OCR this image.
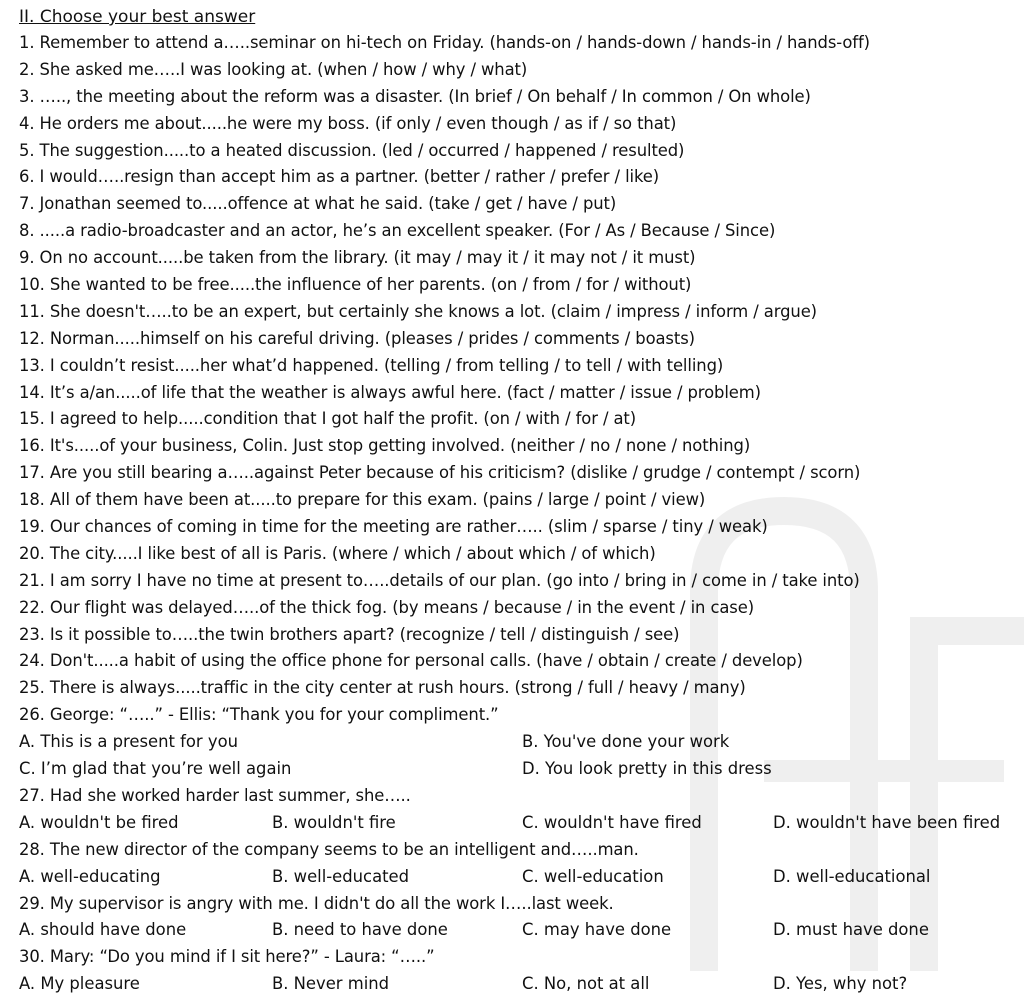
II. Choose your best answer
1. Remember to attend a…..seminar on hi-tech on Friday. (hands-on / hands-down / hands-in / hands-off)
2. She asked me…..I was looking at. (when / how / why / what)
3. ….., the meeting about the reform was a disaster. (In brief / On behalf / In common / On whole)
4. He orders me about.....he were my boss. (if only / even though / as if / so that)
5. The suggestion.....to a heated discussion. (led / occurred / happened / resulted)
6. I would…..resign than accept him as a partner. (better / rather / prefer / like)
7. Jonathan seemed to.....offence at what he said. (take / get / have / put)
8. .....a radio-broadcaster and an actor, he’s an excellent speaker. (For / As / Because / Since)
9. On no account.....be taken from the library. (it may / may it / it may not / it must)
10. She wanted to be free.....the influence of her parents. (on / from / for / without)
11. She doesn't…..to be an expert, but certainly she knows a lot. (claim / impress / inform / argue)
12. Norman.....himself on his careful driving. (pleases / prides / comments / boasts)
13. I couldn’t resist.....her what’d happened. (telling / from telling / to tell / with telling)
14. It’s a/an.....of life that the weather is always awful here. (fact / matter / issue / problem)
15. I agreed to help.....condition that I got half the profit. (on / with / for / at)
16. It's.....of your business, Colin. Just stop getting involved. (neither / no / none / nothing)
17. Are you still bearing a…..against Peter because of his criticism? (dislike / grudge / contempt / scorn)
18. All of them have been at.....to prepare for this exam. (pains / large / point / view)
19. Our chances of coming in time for the meeting are rather….. (slim / sparse / tiny / weak)
20. The city.....I like best of all is Paris. (where / which / about which / of which)
21. I am sorry I have no time at present to…..details of our plan. (go into / bring in / come in / take into)
22. Our flight was delayed…..of the thick fog. (by means / because / in the event / in case)
23. Is it possible to…..the twin brothers apart? (recognize / tell / distinguish / see)
24. Don't.....a habit of using the office phone for personal calls. (have / obtain / create / develop)
25. There is always.....traffic in the city center at rush hours. (strong / full / heavy / many)
26. George: “…..” - Ellis: “Thank you for your compliment.”
A. This is a present for you	B. You've done your work
C. I’m glad that you’re well again	D. You look pretty in this dress
27. Had she worked harder last summer, she…..
A. wouldn't be fired	B. wouldn't fire	C. wouldn't have fired	D. wouldn't have been fired
28. The new director of the company seems to be an intelligent and…..man.
A. well-educating	B. well-educated	C. well-education	D. well-educational
29. My supervisor is angry with me. I didn't do all the work I…..last week.
A. should have done	B. need to have done	C. may have done	D. must have done
30. Mary: “Do you mind if I sit here?” - Laura: “…..”
A. My pleasure	B. Never mind	C. No, not at all	D. Yes, why not?
